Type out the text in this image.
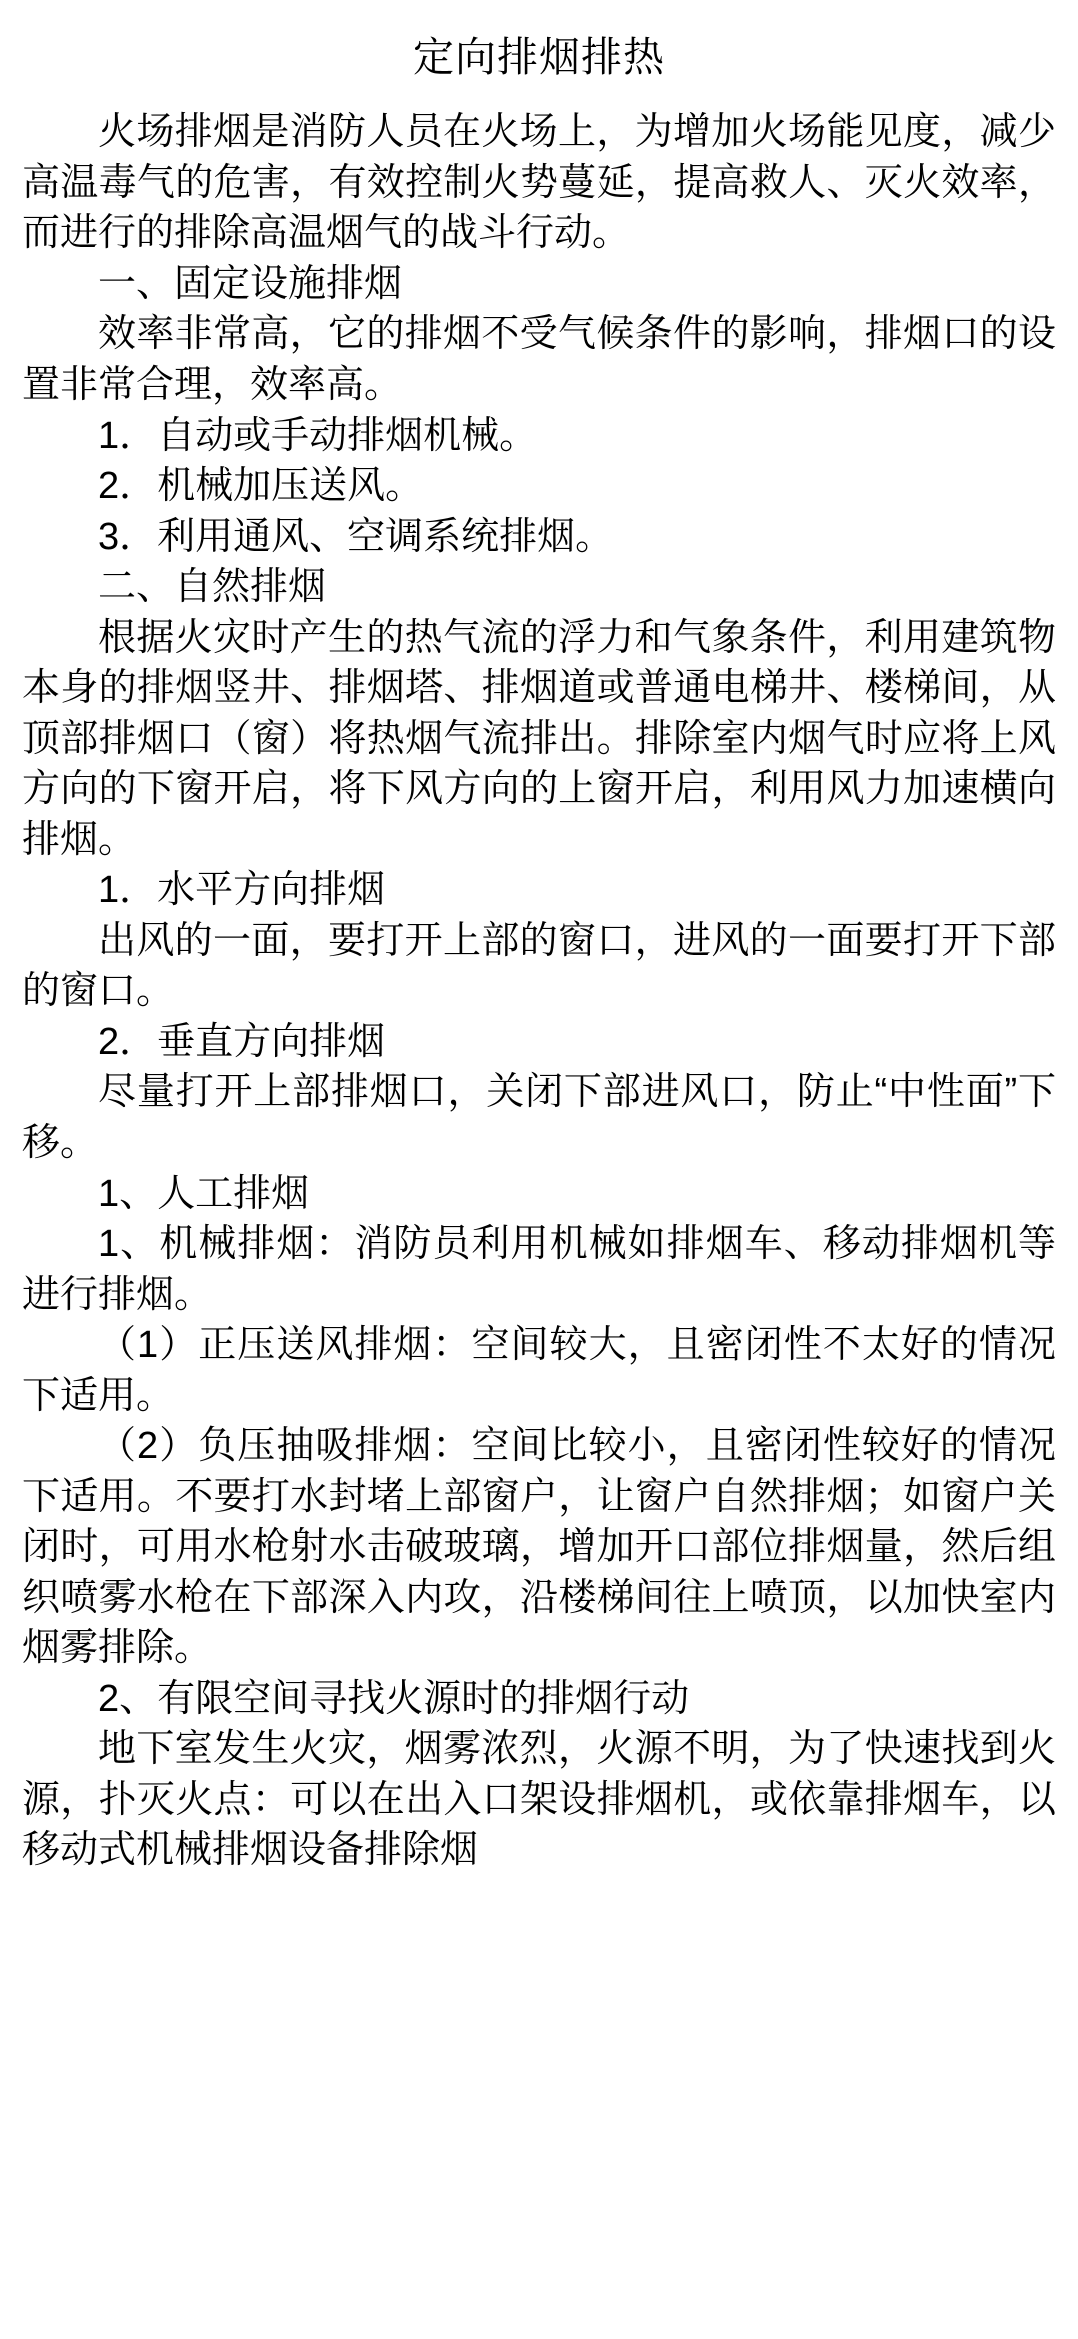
定向排烟排热

火场排烟是消防人员在火场上，为增加火场能见度，减少高温毒气的危害，有效控制火势蔓延，提高救人、灭火效率，而进行的排除高温烟气的战斗行动。

一、固定设施排烟

效率非常高，它的排烟不受气候条件的影响，排烟口的设置非常合理，效率高。

1．自动或手动排烟机械。

2．机械加压送风。

3．利用通风、空调系统排烟。

二、自然排烟

根据火灾时产生的热气流的浮力和气象条件，利用建筑物本身的排烟竖井、排烟塔、排烟道或普通电梯井、楼梯间，从顶部排烟口（窗）将热烟气流排出。排除室内烟气时应将上风方向的下窗开启，将下风方向的上窗开启，利用风力加速横向排烟。

1．水平方向排烟

出风的一面，要打开上部的窗口，进风的一面要打开下部的窗口。

2．垂直方向排烟

尽量打开上部排烟口，关闭下部进风口，防止“中性面”下移。

1、人工排烟

1、机械排烟：消防员利用机械如排烟车、移动排烟机等进行排烟。

（1）正压送风排烟：空间较大，且密闭性不太好的情况下适用。

（2）负压抽吸排烟：空间比较小，且密闭性较好的情况下适用。不要打水封堵上部窗户，让窗户自然排烟；如窗户关闭时，可用水枪射水击破玻璃，增加开口部位排烟量，然后组织喷雾水枪在下部深入内攻，沿楼梯间往上喷顶，以加快室内烟雾排除。

2、有限空间寻找火源时的排烟行动

地下室发生火灾，烟雾浓烈，火源不明，为了快速找到火源，扑灭火点：可以在出入口架设排烟机，或依靠排烟车，以移动式机械排烟设备排除烟
